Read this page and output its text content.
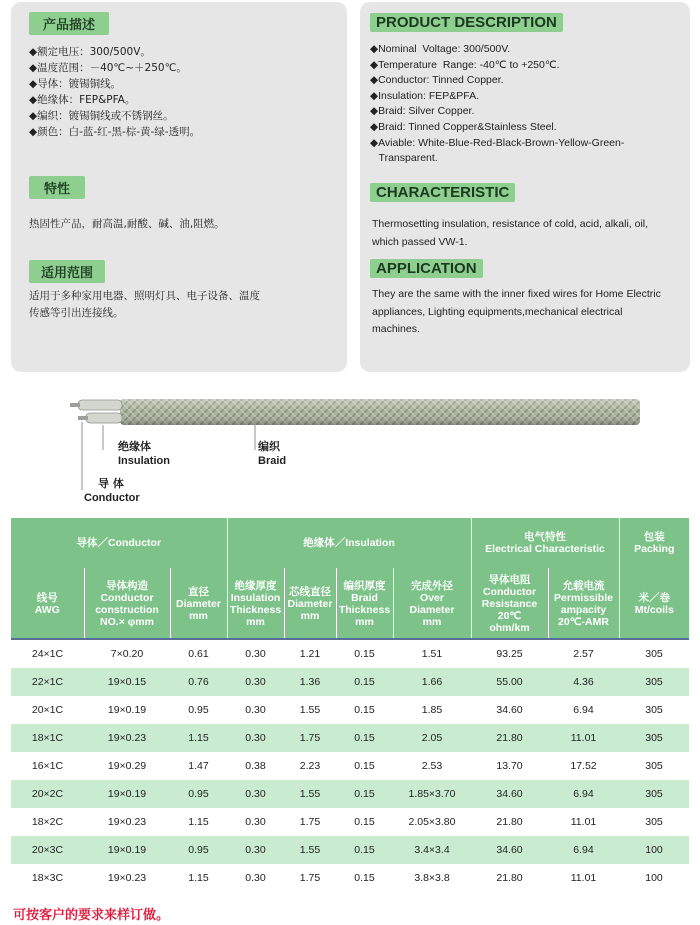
产品描述
◆额定电压：300/500V。
◆温度范围：－40℃~＋250℃。
◆导体：镀锡铜线。
◆绝缘体：FEP&PFA。
◆编织：镀锡铜线或不锈钢丝。
◆颜色：白-蓝-红-黑-棕-黄-绿-透明。
特性

热固性产品，耐高温,耐酸、碱、油,阻燃。

适用范围
适用于多种家用电器、照明灯具、电子设备、温度
传感等引出连接线。
PRODUCT DESCRIPTION
◆Nominal  Voltage: 300/500V.
◆Temperature  Range: -40℃ to +250℃.
◆Conductor: Tinned Copper.
◆Insulation: FEP&PFA.
◆Braid: Silver Copper.
◆Braid: Tinned Copper&Stainless Steel.
◆Aviable: White-Blue-Red-Black-Brown-Yellow-Green-
Transparent.
CHARACTERISTIC
Thermosetting insulation, resistance of cold, acid, alkali, oil,
which passed VW-1.
APPLICATION
They are the same with the inner fixed wires for Home Electric
appliances, Lighting equipments,mechanical electrical
machines.
绝缘体
Insulation
编织
Braid
导 体
Conductor
导体／Conductor			绝缘体／Insulation				电气特性
Electrical Characteristic		包装
Packing
线号
AWG	导体构造
Conductor
construction
NO.× φmm	直径
Diameter
mm	绝缘厚度
Insulation
Thickness
mm	芯线直径
Diameter
mm	编织厚度
Braid
Thickness
mm	完成外径
Over
Diameter
mm	导体电阻
Conductor
Resistance
20℃
ohm/km	允载电流
Permissible
ampacity
20℃-AMR	米／卷
Mt/coils
24×1C	7×0.20	0.61	0.30	1.21	0.15	1.51	93.25	2.57	305
22×1C	19×0.15	0.76	0.30	1.36	0.15	1.66	55.00	4.36	305
20×1C	19×0.19	0.95	0.30	1.55	0.15	1.85	34.60	6.94	305
18×1C	19×0.23	1.15	0.30	1.75	0.15	2.05	21.80	11.01	305
16×1C	19×0.29	1.47	0.38	2.23	0.15	2.53	13.70	17.52	305
20×2C	19×0.19	0.95	0.30	1.55	0.15	1.85×3.70	34.60	6.94	305
18×2C	19×0.23	1.15	0.30	1.75	0.15	2.05×3.80	21.80	11.01	305
20×3C	19×0.19	0.95	0.30	1.55	0.15	3.4×3.4	34.60	6.94	100
18×3C	19×0.23	1.15	0.30	1.75	0.15	3.8×3.8	21.80	11.01	100
可按客户的要求来样订做。
